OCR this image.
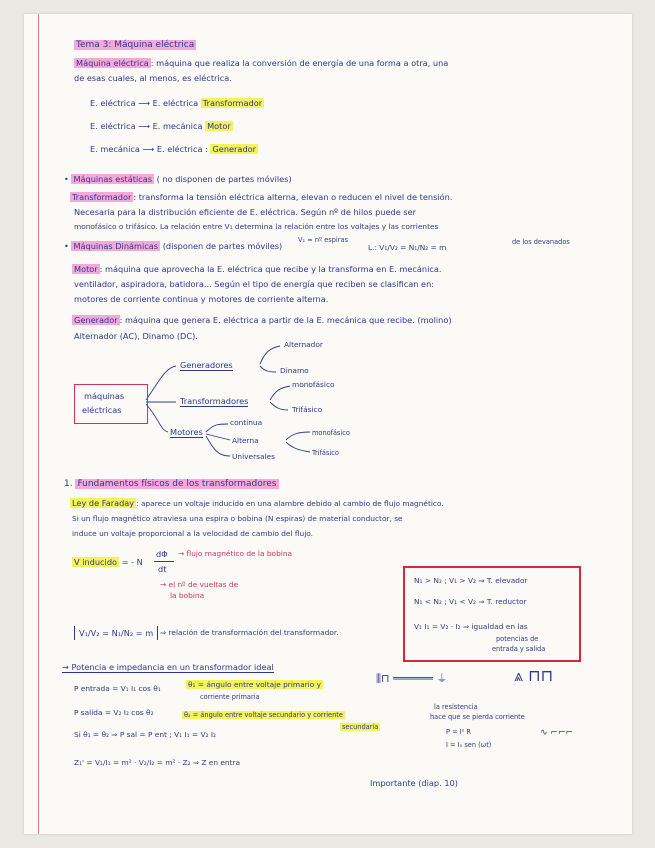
Tema 3: Máquina eléctrica
Máquina eléctrica : máquina que realiza la conversión de energía de una forma a otra, una
de esas cuales, al menos, es eléctrica.
E. eléctrica ⟶ E. eléctrica Transformador
E. eléctrica ⟶ E. mecánica Motor
E. mecánica ⟶ E. eléctrica : Generador
• Máquinas estáticas ( no disponen de partes móviles)
Transformador : transforma la tensión eléctrica alterna, elevan o reducen el nivel de tensión.
Necesaria para la distribución eficiente de E. eléctrica. Según nº de hilos puede ser
monofásico o trifásico. La relación entre V₁ determina la relación entre los voltajes y las corrientes
• Máquinas Dinámicas (disponen de partes móviles)
V₁ ≈ nº espiras
L.: V₁/V₂ = N₁/N₂ = m
de los devanados
Motor : máquina que aprovecha la E. eléctrica que recibe y la transforma en E. mecánica.
ventilador, aspiradora, batidora... Según el tipo de energía que reciben se clasifican en:
motores de corriente continua y motores de corriente alterna.
Generador : máquina que genera E. eléctrica a partir de la E. mecánica que recibe. (molino)
Alternador (AC), Dinamo (DC).
máquinas
eléctricas
Generadores
Alternador
Dinamo
Transformadores
monofásico
Trifásico
Motores
continua
Alterna
Universales
monofásico
Trifásico
1. Fundamentos físicos de los transformadores
Ley de Faraday : aparece un voltaje inducido en una alambre debido al cambio de flujo magnético.
Si un flujo magnético atraviesa una espira o bobina (N espiras) de material conductor, se
induce un voltaje proporcional a la velocidad de cambio del flujo.
V inducido = - N
dΦ
dt
→ flujo magnético de la bobina
→ el nº de vueltas de
la bobina
V₁/V₂ = N₁/N₂ = m ⇒ relación de transformación del transformador.
N₁ > N₂ ; V₁ > V₂ ⇒ T. elevador
N₁ < N₂ ; V₁ < V₂ ⇒ T. reductor
V₁ I₁ = V₂ · I₂ ⇒ igualdad en las
potencias de
entrada y salida
→ Potencia e impedancia en un transformador ideal
P entrada = V₁ I₁ cos θ₁	θ₁ = ángulo entre voltaje primario y
corriente primaria
P salida = V₂ I₂ cos θ₂	θ₂ = ángulo entre voltaje secundario y corriente
secundaria
Si θ₁ = θ₂ ⇒ P sal = P ent ; V₁ I₁ = V₂ I₂
Z₁' = V₁/I₁ = m² · V₂/I₂ = m² · Z₂ ⇒ Z en entra
⫼⊓ ══════ ⏚	⩓ ⊓⊓
la resistencia
hace que se pierda corriente
P = I² R
I = I₀ sen (ωt)
∿ ⌐⌐⌐
Importante (diap. 10)
